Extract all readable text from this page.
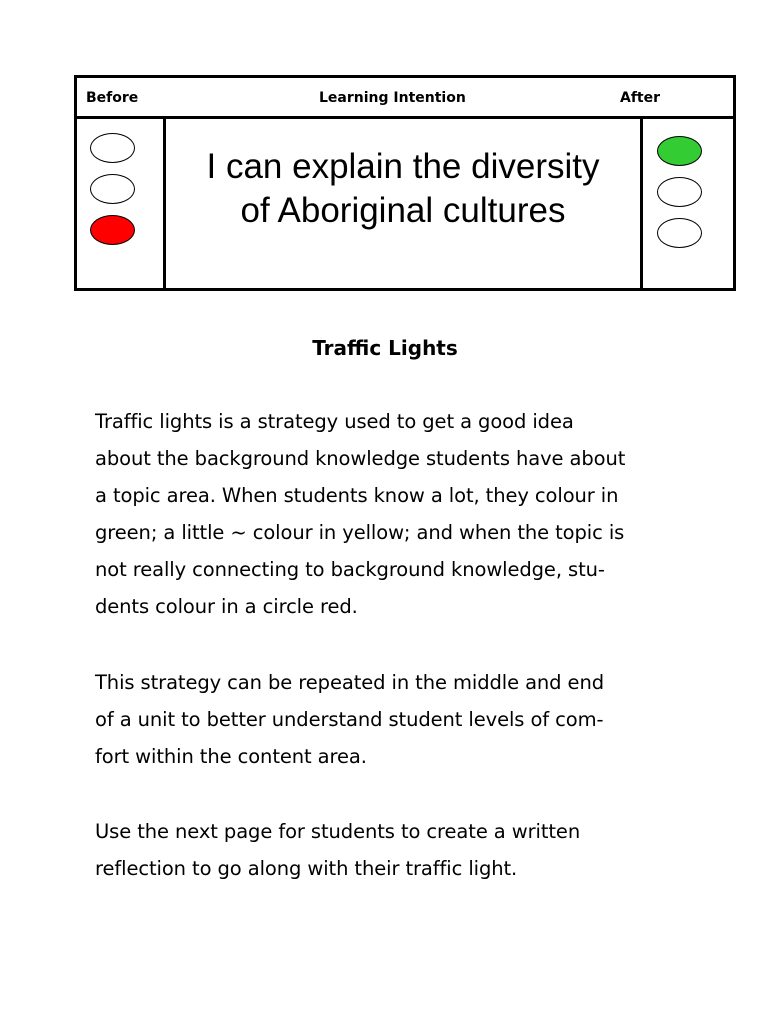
Before	Learning Intention	After
I can explain the diversity
of Aboriginal cultures
Traffic Lights
Traffic lights is a strategy used to get a good idea
about the background knowledge students have about
a topic area. When students know a lot, they colour in
green; a little ~ colour in yellow; and when the topic is
not really connecting to background knowledge, stu-
dents colour in a circle red.
This strategy can be repeated in the middle and end
of a unit to better understand student levels of com-
fort within the content area.
Use the next page for students to create a written
reflection to go along with their traffic light.
